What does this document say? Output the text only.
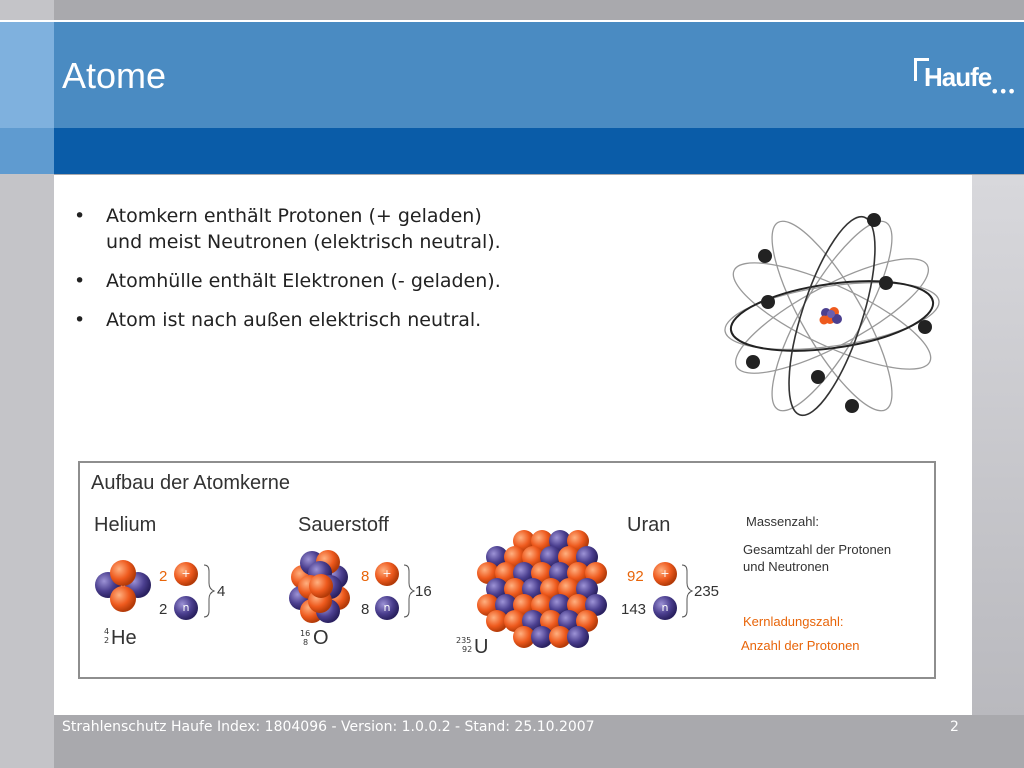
Atome	Haufe
•••
• Atomkern enthält Protonen (+ geladen)
und meist Neutronen (elektrisch neutral).
• Atomhülle enthält Elektronen (- geladen).
• Atom ist nach außen elektrisch neutral.
Aufbau der Atomkerne
Helium
2
2
+
n
4
4
2 He
Sauerstoff
8
8
+
n
16
16
8 O
Uran
92
143
+
n
235
235
92 U
Massenzahl:
Gesamtzahl der Protonen
und Neutronen
Kernladungszahl:
Anzahl der Protonen
Strahlenschutz Haufe Index: 1804096 - Version: 1.0.0.2 - Stand: 25.10.2007	2
